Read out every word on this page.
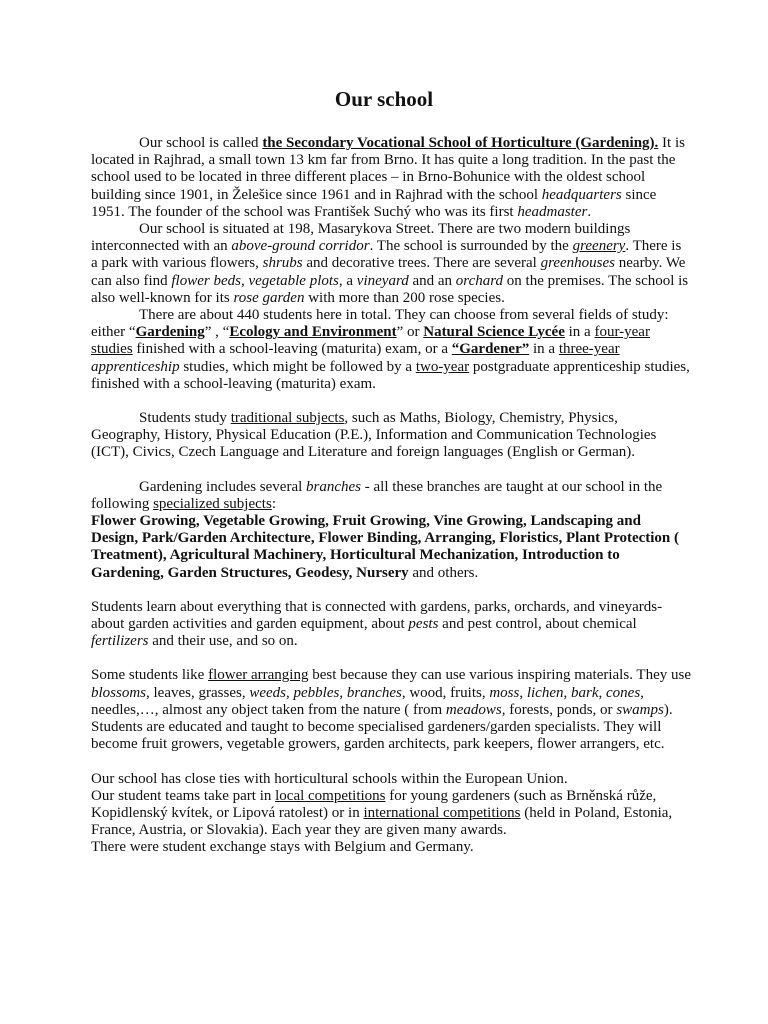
Our school

Our school is called the Secondary Vocational School of Horticulture (Gardening). It is located in Rajhrad, a small town 13 km far from Brno. It has quite a long tradition. In the past the school used to be located in three different places – in Brno-Bohunice with the oldest school building since 1901, in Želešice since 1961 and in Rajhrad with the school headquarters since 1951. The founder of the school was František Suchý who was its first headmaster.

Our school is situated at 198, Masarykova Street. There are two modern buildings interconnected with an above-ground corridor. The school is surrounded by the greenery. There is a park with various flowers, shrubs and decorative trees. There are several greenhouses nearby. We can also find flower beds, vegetable plots, a vineyard and an orchard on the premises. The school is also well-known for its rose garden with more than 200 rose species.

There are about 440 students here in total. They can choose from several fields of study: either “Gardening” , “Ecology and Environment” or Natural Science Lycée in a four-year studies finished with a school-leaving (maturita) exam, or a “Gardener” in a three-year apprenticeship studies, which might be followed by a two-year postgraduate apprenticeship studies, finished with a school-leaving (maturita) exam.

Students study traditional subjects, such as Maths, Biology, Chemistry, Physics, Geography, History, Physical Education (P.E.), Information and Communication Technologies (ICT), Civics, Czech Language and Literature and foreign languages (English or German).

Gardening includes several branches - all these branches are taught at our school in the following specialized subjects:

Flower Growing, Vegetable Growing, Fruit Growing, Vine Growing, Landscaping and Design, Park/Garden Architecture, Flower Binding, Arranging, Floristics, Plant Protection ( Treatment), Agricultural Machinery, Horticultural Mechanization, Introduction to Gardening, Garden Structures, Geodesy, Nursery and others.

Students learn about everything that is connected with gardens, parks, orchards, and vineyards- about garden activities and garden equipment, about pests and pest control, about chemical fertilizers and their use, and so on.

Some students like flower arranging best because they can use various inspiring materials. They use blossoms, leaves, grasses, weeds, pebbles, branches, wood, fruits, moss, lichen, bark, cones, needles,…, almost any object taken from the nature ( from meadows, forests, ponds, or swamps).

Students are educated and taught to become specialised gardeners/garden specialists. They will become fruit growers, vegetable growers, garden architects, park keepers, flower arrangers, etc.

Our school has close ties with horticultural schools within the European Union.

Our student teams take part in local competitions for young gardeners (such as Brněnská růže, Kopidlenský kvítek, or Lipová ratolest) or in international competitions (held in Poland, Estonia, France, Austria, or Slovakia). Each year they are given many awards.

There were student exchange stays with Belgium and Germany.
